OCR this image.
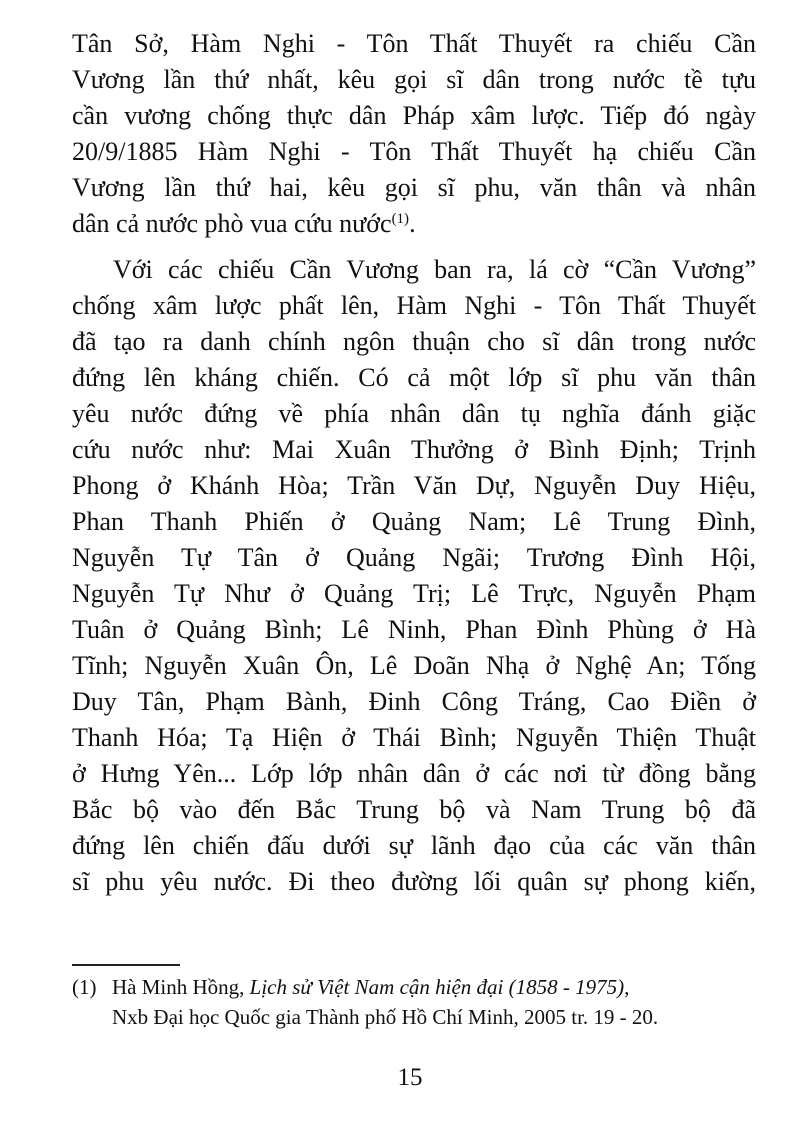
Tân Sở, Hàm Nghi - Tôn Thất Thuyết ra chiếu Cần
Vương lần thứ nhất, kêu gọi sĩ dân trong nước tề tựu
cần vương chống thực dân Pháp xâm lược. Tiếp đó ngày
20/9/1885 Hàm Nghi - Tôn Thất Thuyết hạ chiếu Cần
Vương lần thứ hai, kêu gọi sĩ phu, văn thân và nhân
dân cả nước phò vua cứu nước$^{(1)}$.
Với các chiếu Cần Vương ban ra, lá cờ “Cần Vương”
chống xâm lược phất lên, Hàm Nghi - Tôn Thất Thuyết
đã tạo ra danh chính ngôn thuận cho sĩ dân trong nước
đứng lên kháng chiến. Có cả một lớp sĩ phu văn thân
yêu nước đứng về phía nhân dân tụ nghĩa đánh giặc
cứu nước như: Mai Xuân Thưởng ở Bình Định; Trịnh
Phong ở Khánh Hòa; Trần Văn Dự, Nguyễn Duy Hiệu,
Phan Thanh Phiến ở Quảng Nam; Lê Trung Đình,
Nguyễn Tự Tân ở Quảng Ngãi; Trương Đình Hội,
Nguyễn Tự Như ở Quảng Trị; Lê Trực, Nguyễn Phạm
Tuân ở Quảng Bình; Lê Ninh, Phan Đình Phùng ở Hà
Tĩnh; Nguyễn Xuân Ôn, Lê Doãn Nhạ ở Nghệ An; Tống
Duy Tân, Phạm Bành, Đinh Công Tráng, Cao Điền ở
Thanh Hóa; Tạ Hiện ở Thái Bình; Nguyễn Thiện Thuật
ở Hưng Yên... Lớp lớp nhân dân ở các nơi từ đồng bằng
Bắc bộ vào đến Bắc Trung bộ và Nam Trung bộ đã
đứng lên chiến đấu dưới sự lãnh đạo của các văn thân
sĩ phu yêu nước. Đi theo đường lối quân sự phong kiến,
(1) Hà Minh Hồng, Lịch sử Việt Nam cận hiện đại (1858 - 1975),
Nxb Đại học Quốc gia Thành phố Hồ Chí Minh, 2005 tr. 19 - 20.
15
